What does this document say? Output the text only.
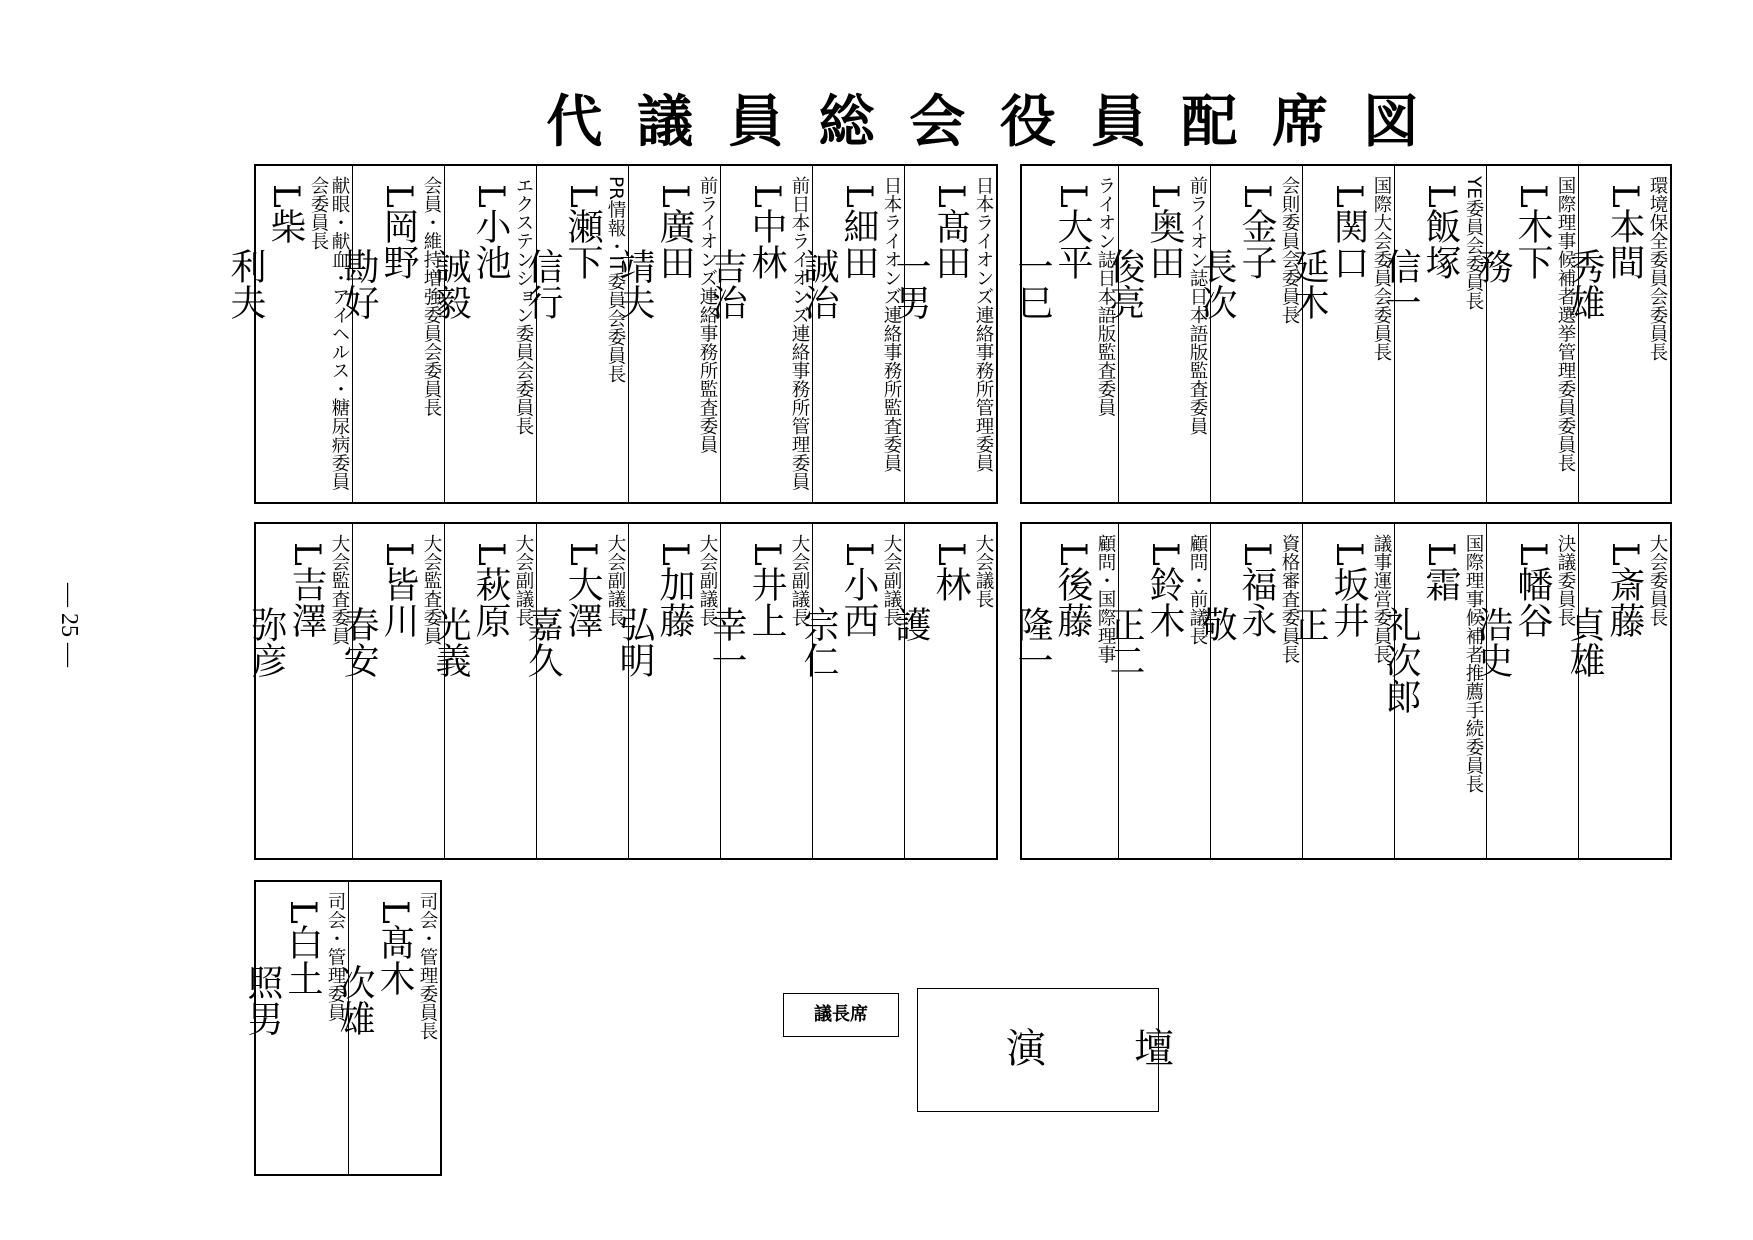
代議員総会役員配席図
— 25 —
日本ライオンズ連絡事務所管理委員
L髙田
一男
日本ライオンズ連絡事務所監査委員
L細田
誠治
前日本ライオンズ連絡事務所管理委員
L中林
吉治
前ライオンズ連絡事務所監査委員
L廣田
靖夫
PR情報・IT委員会委員長
L瀬下
信行
エクステンション委員会委員長
L小池
誠毅
会員・維持増強委員会委員長
L岡野
勘好
献眼・献血・アイヘルス・糖尿病委員会委員長
L柴
利夫	環境保全委員会委員長
L本間
秀雄
国際理事候補者選挙管理委員委員長
L木下
務
YE委員会委員長
L飯塚
信一
国際大会委員会委員長
L関口
延木
会則委員会委員長
L金子
長次
前ライオン誌日本語版監査委員
L奥田
俊亮
ライオン誌日本語版監査委員
L大平
一巳
大会議長
L林
護
大会副議長
L小西
宗仁
大会副議長
L井上
幸一
大会副議長
L加藤
弘明
大会副議長
L大澤
嘉久
大会副議長
L萩原
光義
大会監査委員
L皆川
春安
大会監査委員
L吉澤
弥彦
大会委員長
L斎藤
貞雄
決議委員長
L幡谷
浩史
国際理事候補者推薦手続委員長
L霜
礼次郎
議事運営委員長
L坂井
正
資格審査委員長
L福永
敬
顧問・前議長
L鈴木
正二
顧問・国際理事
L後藤
隆一
司会・管理委員長
L髙木
次雄
司会・管理委員
L白土
照男	議長席
演壇
